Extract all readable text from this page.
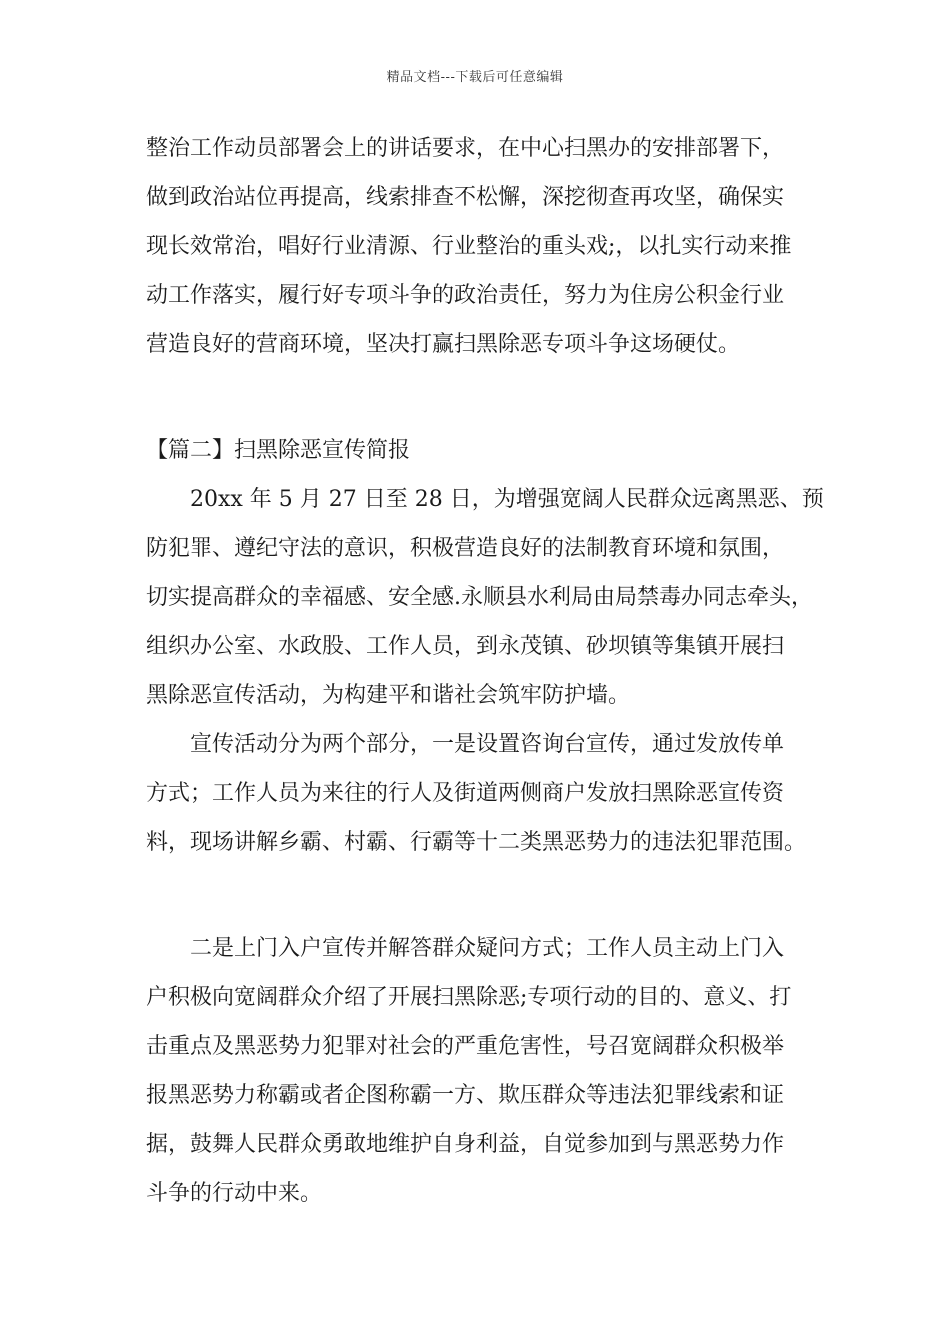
精品文档---下载后可任意编辑
整治工作动员部署会上的讲话要求，在中心扫黑办的安排部署下，
做到政治站位再提高，线索排查不松懈，深挖彻查再攻坚，确保实
现长效常治，唱好行业清源、行业整治的重头戏;，以扎实行动来推
动工作落实，履行好专项斗争的政治责任，努力为住房公积金行业
营造良好的营商环境，坚决打赢扫黑除恶专项斗争这场硬仗。
【篇二】扫黑除恶宣传简报
20xx 年 5 月 27 日至 28 日，为增强宽阔人民群众远离黑恶、预
防犯罪、遵纪守法的意识，积极营造良好的法制教育环境和氛围，
切实提高群众的幸福感、安全感.永顺县水利局由局禁毒办同志牵头，
组织办公室、水政股、工作人员，到永茂镇、砂坝镇等集镇开展扫
黑除恶宣传活动，为构建平和谐社会筑牢防护墙。
宣传活动分为两个部分，一是设置咨询台宣传，通过发放传单
方式；工作人员为来往的行人及街道两侧商户发放扫黑除恶宣传资
料，现场讲解乡霸、村霸、行霸等十二类黑恶势力的违法犯罪范围。
二是上门入户宣传并解答群众疑问方式；工作人员主动上门入
户积极向宽阔群众介绍了开展扫黑除恶;专项行动的目的、意义、打
击重点及黑恶势力犯罪对社会的严重危害性，号召宽阔群众积极举
报黑恶势力称霸或者企图称霸一方、欺压群众等违法犯罪线索和证
据，鼓舞人民群众勇敢地维护自身利益，自觉参加到与黑恶势力作
斗争的行动中来。
